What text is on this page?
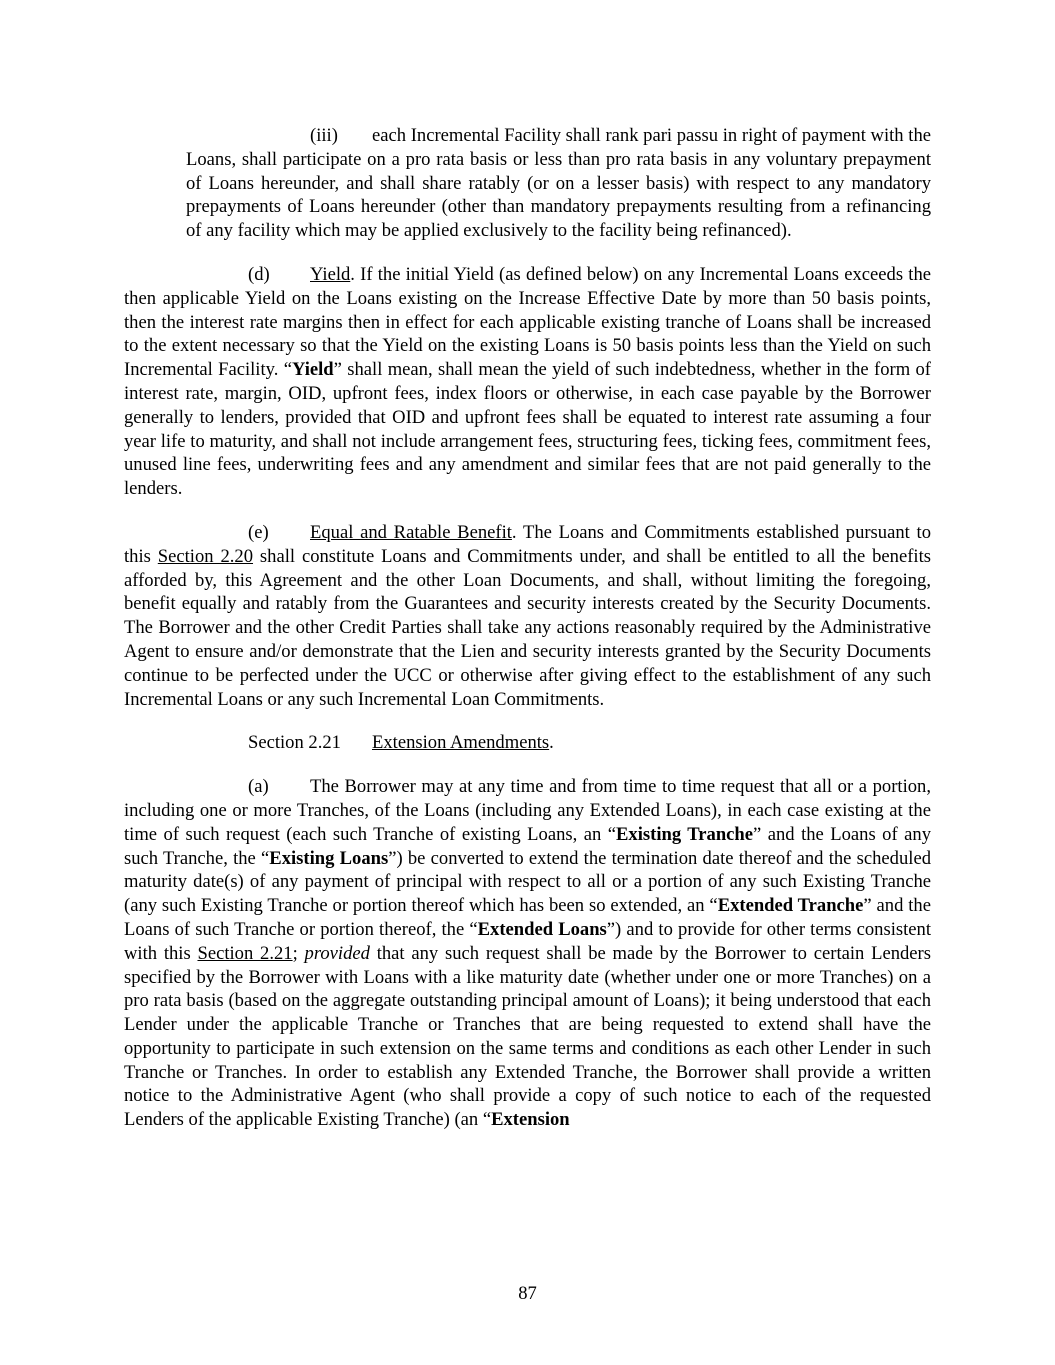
(iii) each Incremental Facility shall rank pari passu in right of payment with the Loans, shall participate on a pro rata basis or less than pro rata basis in any voluntary prepayment of Loans hereunder, and shall share ratably (or on a lesser basis) with respect to any mandatory prepayments of Loans hereunder (other than mandatory prepayments resulting from a refinancing of any facility which may be applied exclusively to the facility being refinanced).

(d) Yield. If the initial Yield (as defined below) on any Incremental Loans exceeds the then applicable Yield on the Loans existing on the Increase Effective Date by more than 50 basis points, then the interest rate margins then in effect for each applicable existing tranche of Loans shall be increased to the extent necessary so that the Yield on the existing Loans is 50 basis points less than the Yield on such Incremental Facility. “Yield” shall mean, shall mean the yield of such indebtedness, whether in the form of interest rate, margin, OID, upfront fees, index floors or otherwise, in each case payable by the Borrower generally to lenders, provided that OID and upfront fees shall be equated to interest rate assuming a four year life to maturity, and shall not include arrangement fees, structuring fees, ticking fees, commitment fees, unused line fees, underwriting fees and any amendment and similar fees that are not paid generally to the lenders.

(e) Equal and Ratable Benefit. The Loans and Commitments established pursuant to this Section 2.20 shall constitute Loans and Commitments under, and shall be entitled to all the benefits afforded by, this Agreement and the other Loan Documents, and shall, without limiting the foregoing, benefit equally and ratably from the Guarantees and security interests created by the Security Documents. The Borrower and the other Credit Parties shall take any actions reasonably required by the Administrative Agent to ensure and/or demonstrate that the Lien and security interests granted by the Security Documents continue to be perfected under the UCC or otherwise after giving effect to the establishment of any such Incremental Loans or any such Incremental Loan Commitments.

Section 2.21 Extension Amendments.

(a) The Borrower may at any time and from time to time request that all or a portion, including one or more Tranches, of the Loans (including any Extended Loans), in each case existing at the time of such request (each such Tranche of existing Loans, an “Existing Tranche” and the Loans of any such Tranche, the “Existing Loans”) be converted to extend the termination date thereof and the scheduled maturity date(s) of any payment of principal with respect to all or a portion of any such Existing Tranche (any such Existing Tranche or portion thereof which has been so extended, an “Extended Tranche” and the Loans of such Tranche or portion thereof, the “Extended Loans”) and to provide for other terms consistent with this Section 2.21; provided that any such request shall be made by the Borrower to certain Lenders specified by the Borrower with Loans with a like maturity date (whether under one or more Tranches) on a pro rata basis (based on the aggregate outstanding principal amount of Loans); it being understood that each Lender under the applicable Tranche or Tranches that are being requested to extend shall have the opportunity to participate in such extension on the same terms and conditions as each other Lender in such Tranche or Tranches. In order to establish any Extended Tranche, the Borrower shall provide a written notice to the Administrative Agent (who shall provide a copy of such notice to each of the requested Lenders of the applicable Existing Tranche) (an “Extension

87
